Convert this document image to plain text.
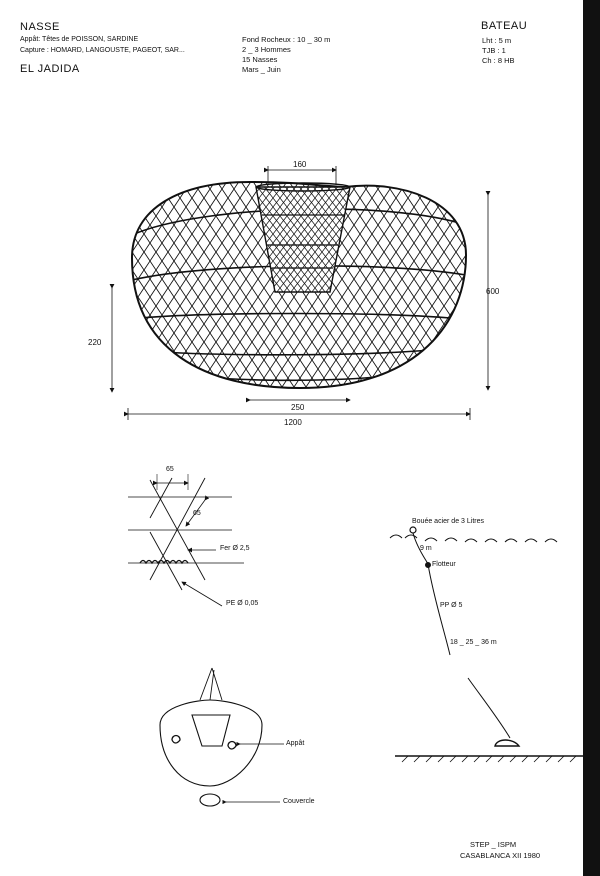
NASSE
Appât: Têtes de POISSON, SARDINE
Capture : HOMARD, LANGOUSTE, PAGEOT, SAR...
EL JADIDA
Fond Rocheux : 10 _ 30 m
2 _ 3 Hommes
15 Nasses
Mars _ Juin
BATEAU
Lht : 5 m
TJB : 1
Ch : 8 HB
160
600
220
250
1200
65
65
Fer Ø 2,5
PE Ø 0,05
Bouée acier de 3 Litres
9 m
Flotteur
PP Ø 5
18 _ 25 _ 36 m
Appât
Couvercle
STEP _ ISPM
CASABLANCA XII 1980
